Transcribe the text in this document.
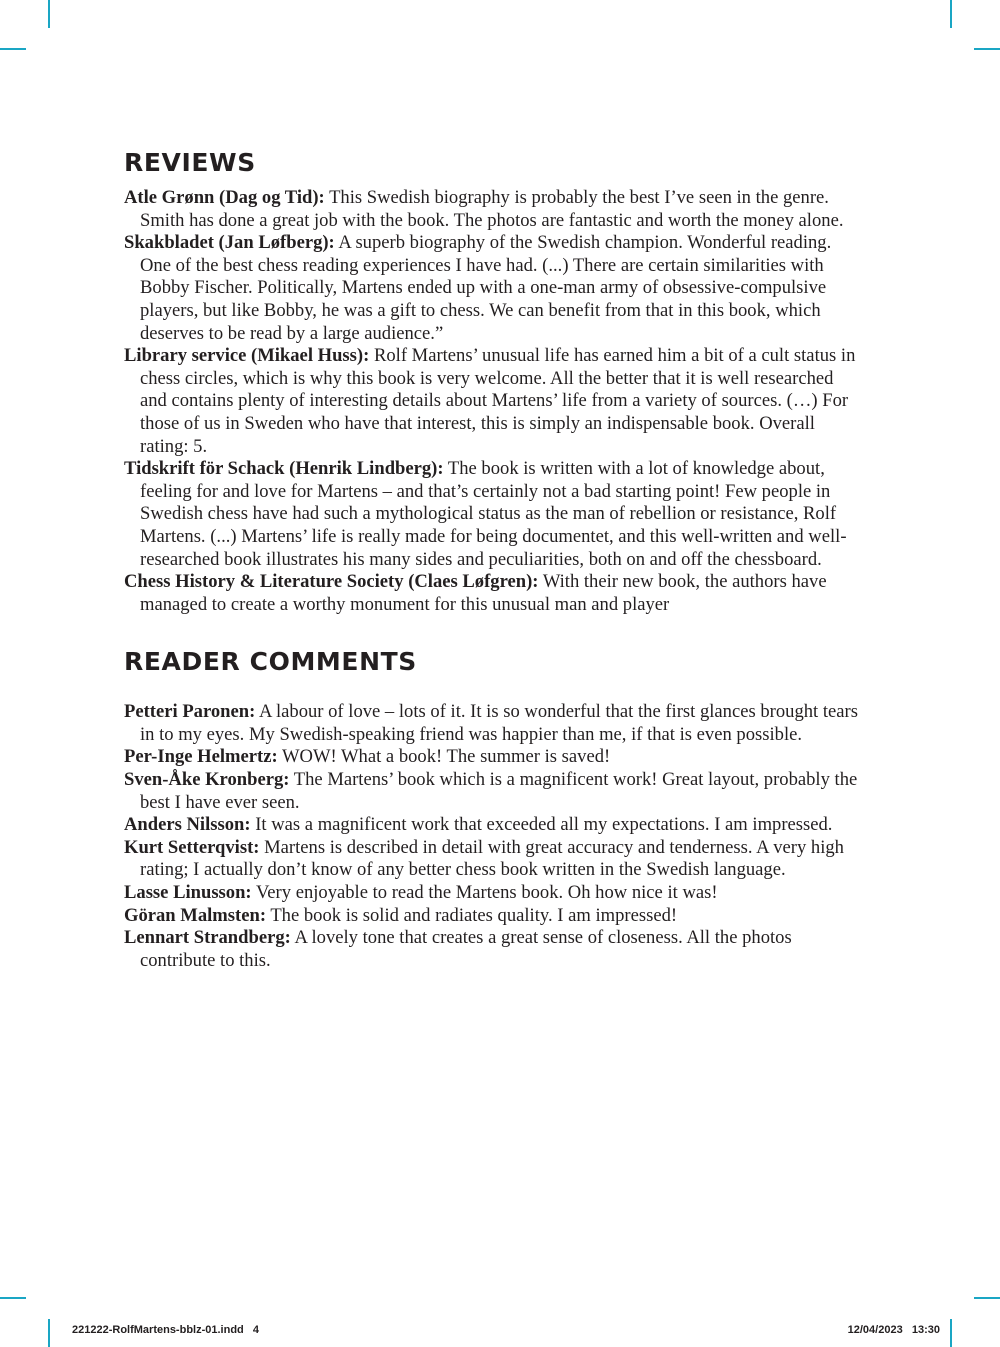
REVIEWS

Atle Grønn (Dag og Tid): This Swedish biography is probably the best I’ve seen in the genre. Smith has done a great job with the book. The photos are fantastic and worth the money alone.

Skakbladet (Jan Løfberg): A superb biography of the Swedish champion. Wonderful reading. One of the best chess reading experiences I have had. (...) There are certain similarities with Bobby Fischer. Politically, Martens ended up with a one-man army of obsessive-compulsive players, but like Bobby, he was a gift to chess. We can benefit from that in this book, which deserves to be read by a large audience.”

Library service (Mikael Huss): Rolf Martens’ unusual life has earned him a bit of a cult status in chess circles, which is why this book is very welcome. All the better that it is well researched and contains plenty of interesting details about Martens’ life from a variety of sources. (…) For those of us in Sweden who have that interest, this is simply an indispensable book. Overall rating: 5.

Tidskrift för Schack (Henrik Lindberg): The book is written with a lot of knowledge about, feeling for and love for Martens – and that’s certainly not a bad starting point! Few people in Swedish chess have had such a mythological status as the man of rebellion or resistance, Rolf Martens. (...) Martens’ life is really made for being documentet, and this well-written and well-researched book illustrates his many sides and peculiarities, both on and off the chessboard.

Chess History & Literature Society (Claes Løfgren): With their new book, the authors have managed to create a worthy monument for this unusual man and player

READER COMMENTS

Petteri Paronen: A labour of love – lots of it. It is so wonderful that the first glances brought tears in to my eyes. My Swedish-speaking friend was happier than me, if that is even possible.

Per-Inge Helmertz: WOW! What a book! The summer is saved!

Sven-Åke Kronberg: The Martens’ book which is a magnificent work! Great layout, probably the best I have ever seen.

Anders Nilsson: It was a magnificent work that exceeded all my expectations. I am impressed.

Kurt Setterqvist: Martens is described in detail with great accuracy and tenderness. A very high rating; I actually don’t know of any better chess book written in the Swedish language.

Lasse Linusson: Very enjoyable to read the Martens book. Oh how nice it was!

Göran Malmsten: The book is solid and radiates quality. I am impressed!

Lennart Strandberg: A lovely tone that creates a great sense of closeness. All the photos contribute to this.

221222-RolfMartens-bblz-01.indd   4	12/04/2023   13:30
